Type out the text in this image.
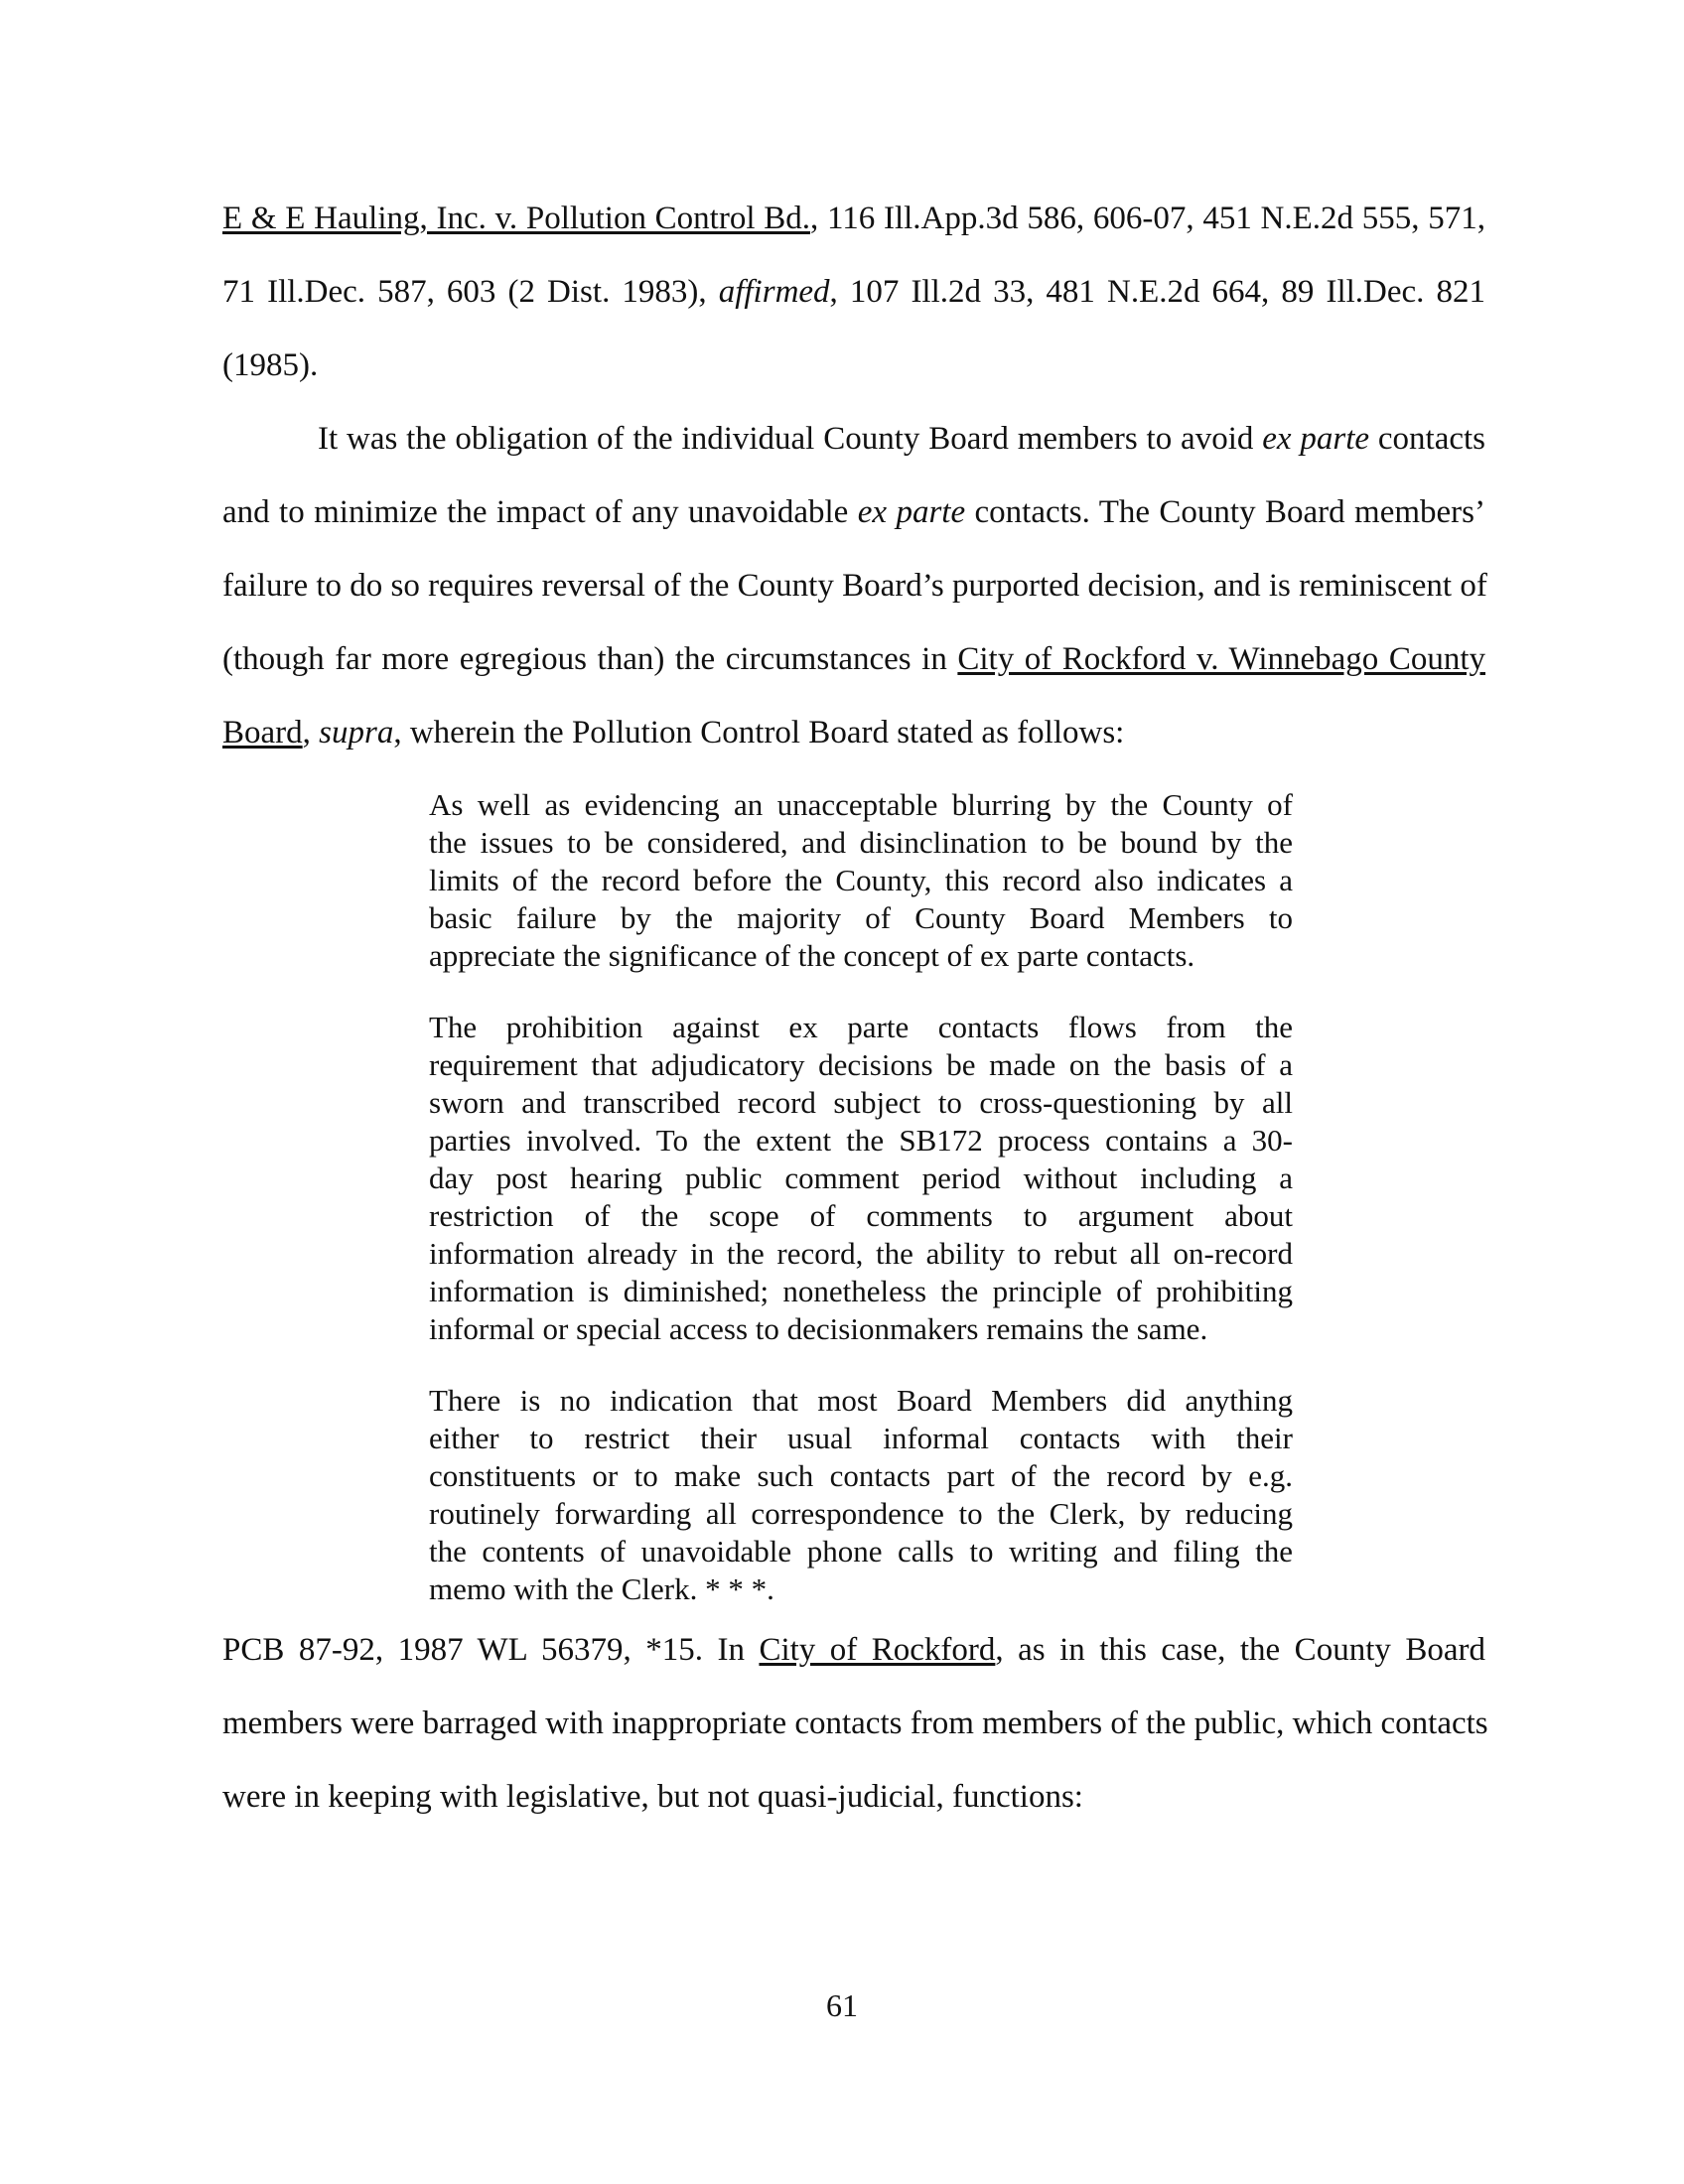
E & E Hauling, Inc. v. Pollution Control Bd., 116 Ill.App.3d 586, 606-07, 451 N.E.2d 555, 571,
71 Ill.Dec. 587, 603 (2 Dist. 1983), affirmed, 107 Ill.2d 33, 481 N.E.2d 664, 89 Ill.Dec. 821
(1985).
It was the obligation of the individual County Board members to avoid ex parte contacts
and to minimize the impact of any unavoidable ex parte contacts. The County Board members’
failure to do so requires reversal of the County Board’s purported decision, and is reminiscent of
(though far more egregious than) the circumstances in City of Rockford v. Winnebago County
Board, supra, wherein the Pollution Control Board stated as follows:
As well as evidencing an unacceptable blurring by the County of
the issues to be considered, and disinclination to be bound by the
limits of the record before the County, this record also indicates a
basic failure by the majority of County Board Members to
appreciate the significance of the concept of ex parte contacts.
The prohibition against ex parte contacts flows from the
requirement that adjudicatory decisions be made on the basis of a
sworn and transcribed record subject to cross-questioning by all
parties involved. To the extent the SB172 process contains a 30-
day post hearing public comment period without including a
restriction of the scope of comments to argument about
information already in the record, the ability to rebut all on-record
information is diminished; nonetheless the principle of prohibiting
informal or special access to decisionmakers remains the same.
There is no indication that most Board Members did anything
either to restrict their usual informal contacts with their
constituents or to make such contacts part of the record by e.g.
routinely forwarding all correspondence to the Clerk, by reducing
the contents of unavoidable phone calls to writing and filing the
memo with the Clerk. * * *.
PCB 87-92, 1987 WL 56379, *15. In City of Rockford, as in this case, the County Board
members were barraged with inappropriate contacts from members of the public, which contacts
were in keeping with legislative, but not quasi-judicial, functions:
61
